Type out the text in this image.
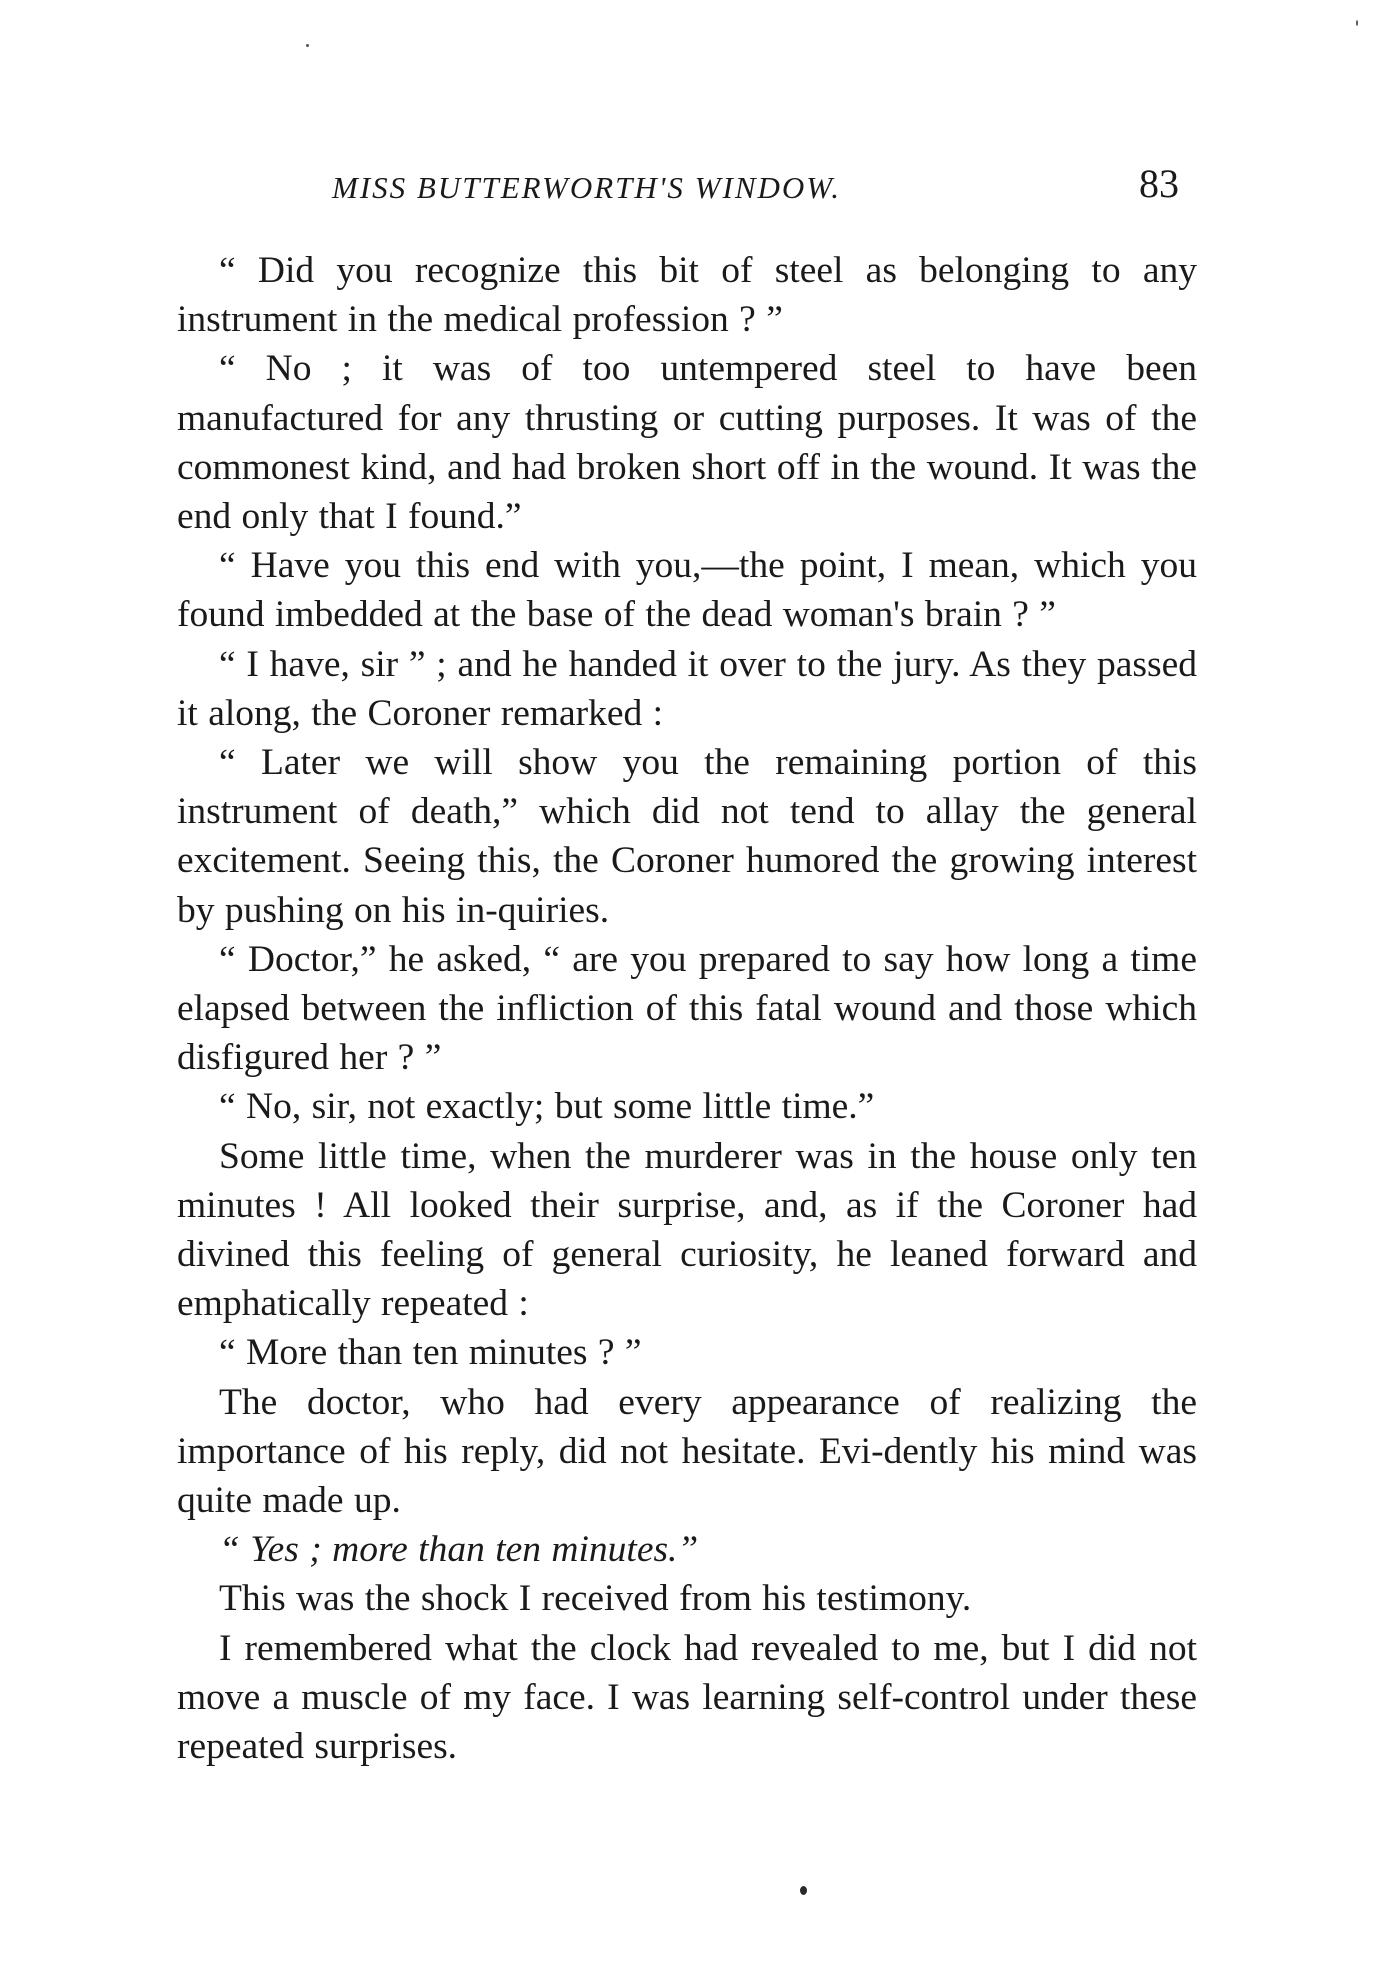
MISS BUTTERWORTH'S WINDOW.	83

“ Did you recognize this bit of steel as belonging to any instrument in the medical profession ? ”

“ No ; it was of too untempered steel to have been manufactured for any thrusting or cutting purposes. It was of the commonest kind, and had broken short off in the wound. It was the end only that I found.”

“ Have you this end with you,—the point, I mean, which you found imbedded at the base of the dead woman's brain ? ”

“ I have, sir ” ; and he handed it over to the jury. As they passed it along, the Coroner remarked :

“ Later we will show you the remaining portion of this instrument of death,” which did not tend to allay the general excitement. Seeing this, the Coroner humored the growing interest by pushing on his in-quiries.

“ Doctor,” he asked, “ are you prepared to say how long a time elapsed between the infliction of this fatal wound and those which disfigured her ? ”

“ No, sir, not exactly; but some little time.”

Some little time, when the murderer was in the house only ten minutes ! All looked their surprise, and, as if the Coroner had divined this feeling of general curiosity, he leaned forward and emphatically repeated :

“ More than ten minutes ? ”

The doctor, who had every appearance of realizing the importance of his reply, did not hesitate. Evi-dently his mind was quite made up.

“ Yes ; more than ten minutes.”

This was the shock I received from his testimony.

I remembered what the clock had revealed to me, but I did not move a muscle of my face. I was learning self-control under these repeated surprises.
